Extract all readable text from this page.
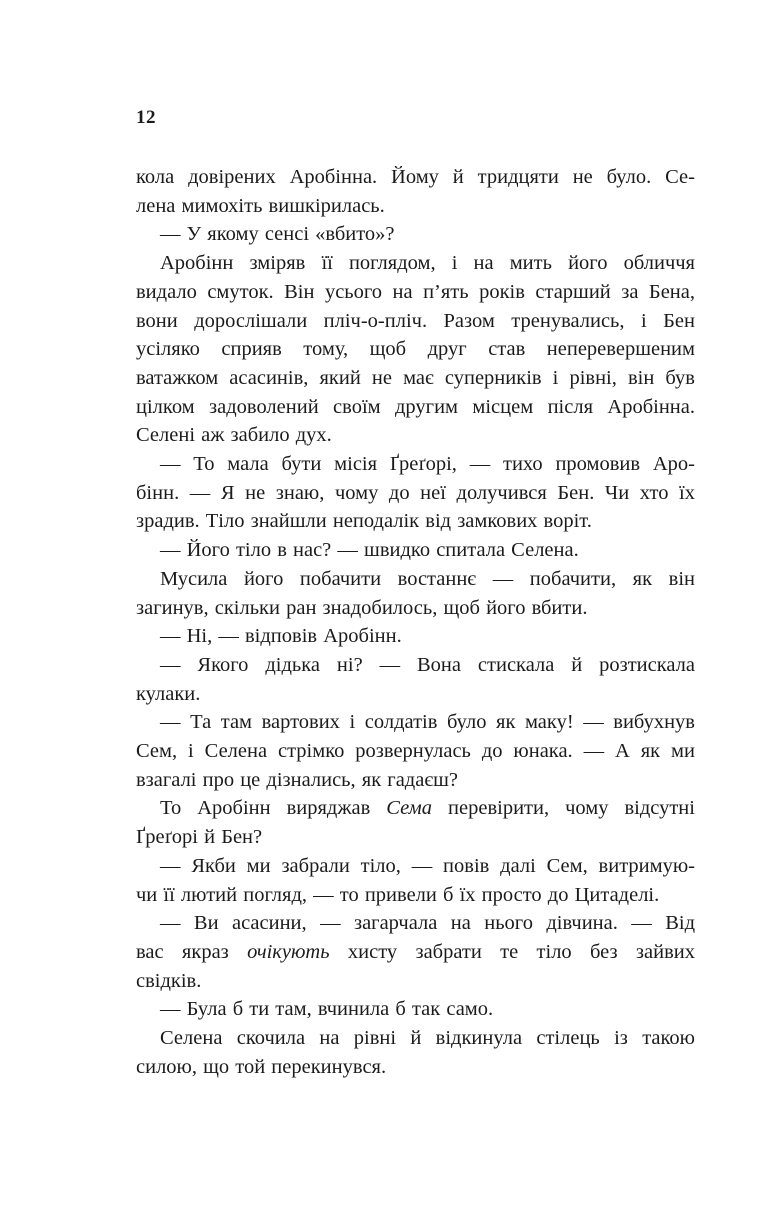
12
кола довірених Аробінна. Йому й тридцяти не було. Се-
лена мимохіть вишкірилась.
— У якому сенсі «вбито»?
Аробінн зміряв її поглядом, і на мить його обличчя
видало смуток. Він усього на п’ять років старший за Бена,
вони дорослішали пліч-о-пліч. Разом тренувались, і Бен
усіляко сприяв тому, щоб друг став неперевершеним
ватажком асасинів, який не має суперників і рівні, він був
цілком задоволений своїм другим місцем після Аробінна.
Селені аж забило дух.
— То мала бути місія Ґреґорі, — тихо промовив Аро-
бінн. — Я не знаю, чому до неї долучився Бен. Чи хто їх
зрадив. Тіло знайшли неподалік від замкових воріт.
— Його тіло в нас? — швидко спитала Селена.
Мусила його побачити востаннє — побачити, як він
загинув, скільки ран знадобилось, щоб його вбити.
— Ні, — відповів Аробінн.
— Якого дідька ні? — Вона стискала й розтискала
кулаки.
— Та там вартових і солдатів було як маку! — вибухнув
Сем, і Селена стрімко розвернулась до юнака. — А як ми
взагалі про це дізнались, як гадаєш?
То Аробінн виряджав Сема перевірити, чому відсутні
Ґреґорі й Бен?
— Якби ми забрали тіло, — повів далі Сем, витримую-
чи її лютий погляд, — то привели б їх просто до Цитаделі.
— Ви асасини, — загарчала на нього дівчина. — Від
вас якраз очікують хисту забрати те тіло без зайвих
свідків.
— Була б ти там, вчинила б так само.
Селена скочила на рівні й відкинула стілець із такою
силою, що той перекинувся.
